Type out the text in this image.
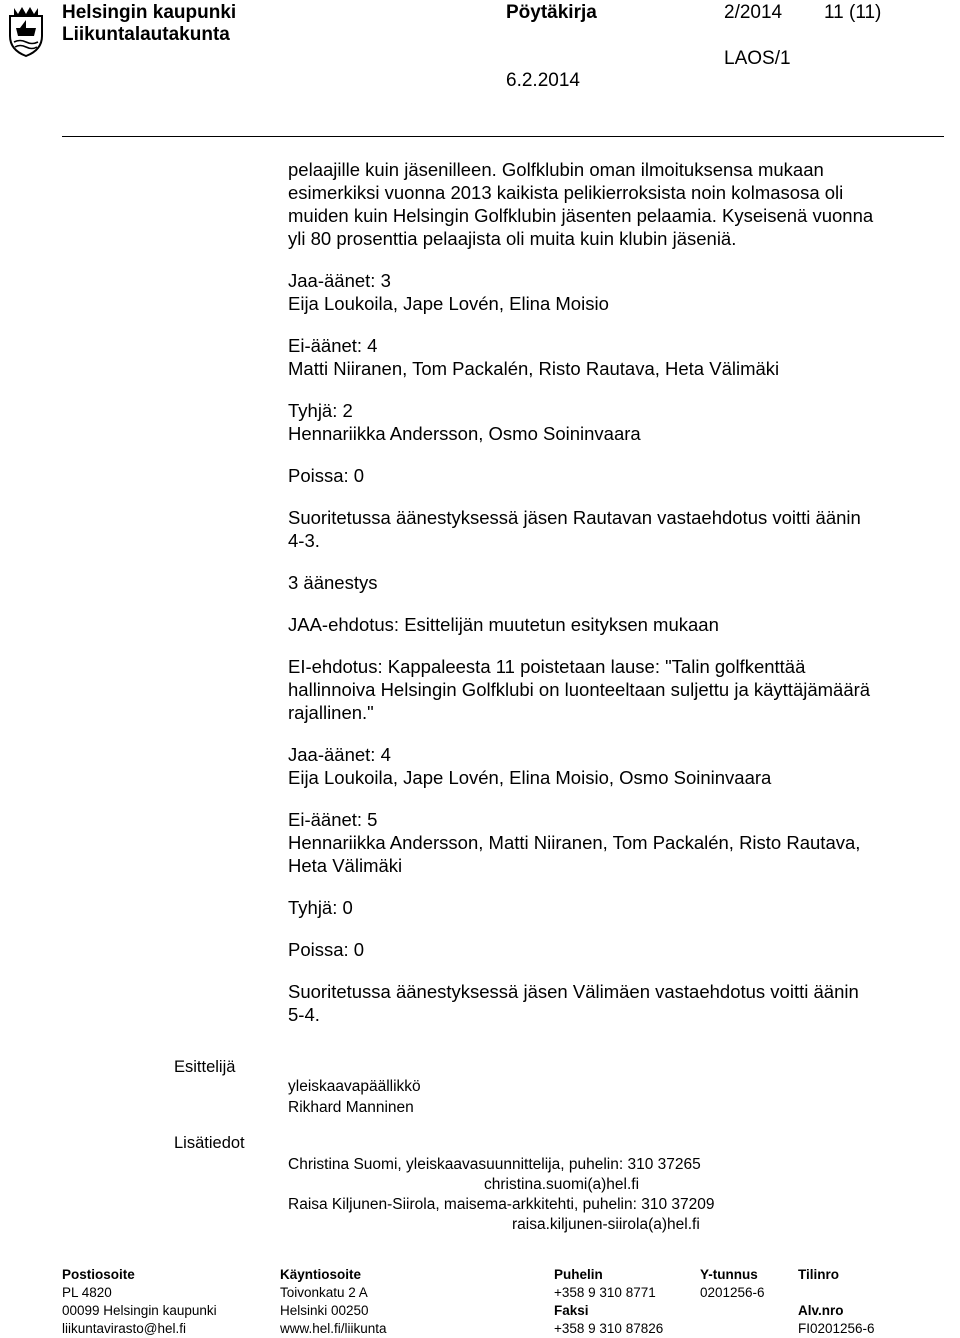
Helsingin kaupunki
Liikuntalautakunta
Pöytäkirja	2/2014 11 (11)
LAOS/1
6.2.2014

pelaajille kuin jäsenilleen. Golfklubin oman ilmoituksensa mukaan

esimerkiksi vuonna 2013 kaikista pelikierroksista noin kolmasosa oli

muiden kuin Helsingin Golfklubin jäsenten pelaamia. Kyseisenä vuonna

yli 80 prosenttia pelaajista oli muita kuin klubin jäseniä.

Jaa-äänet: 3

Eija Loukoila, Jape Lovén, Elina Moisio

Ei-äänet: 4

Matti Niiranen, Tom Packalén, Risto Rautava, Heta Välimäki

Tyhjä: 2

Hennariikka Andersson, Osmo Soininvaara

Poissa: 0

Suoritetussa äänestyksessä jäsen Rautavan vastaehdotus voitti äänin

4-3.

3 äänestys

JAA-ehdotus: Esittelijän muutetun esityksen mukaan

EI-ehdotus: Kappaleesta 11 poistetaan lause: "Talin golfkenttää

hallinnoiva Helsingin Golfklubi on luonteeltaan suljettu ja käyttäjämäärä

rajallinen."

Jaa-äänet: 4

Eija Loukoila, Jape Lovén, Elina Moisio, Osmo Soininvaara

Ei-äänet: 5

Hennariikka Andersson, Matti Niiranen, Tom Packalén, Risto Rautava,

Heta Välimäki

Tyhjä: 0

Poissa: 0

Suoritetussa äänestyksessä jäsen Välimäen vastaehdotus voitti äänin

5-4.

Esittelijä
yleiskaavapäällikkö
Rikhard Manninen
Lisätiedot
Christina Suomi, yleiskaavasuunnittelija, puhelin: 310 37265
christina.suomi(a)hel.fi
Raisa Kiljunen-Siirola, maisema-arkkitehti, puhelin: 310 37209
raisa.kiljunen-siirola(a)hel.fi
Postiosoite
PL 4820
00099 Helsingin kaupunki
liikuntavirasto@hel.fi
Käyntiosoite
Toivonkatu 2 A
Helsinki 00250
www.hel.fi/liikunta
Puhelin
+358 9 310 8771
Faksi
+358 9 310 87826
Y-tunnus
0201256-6
Tilinro
Alv.nro
FI0201256-6
